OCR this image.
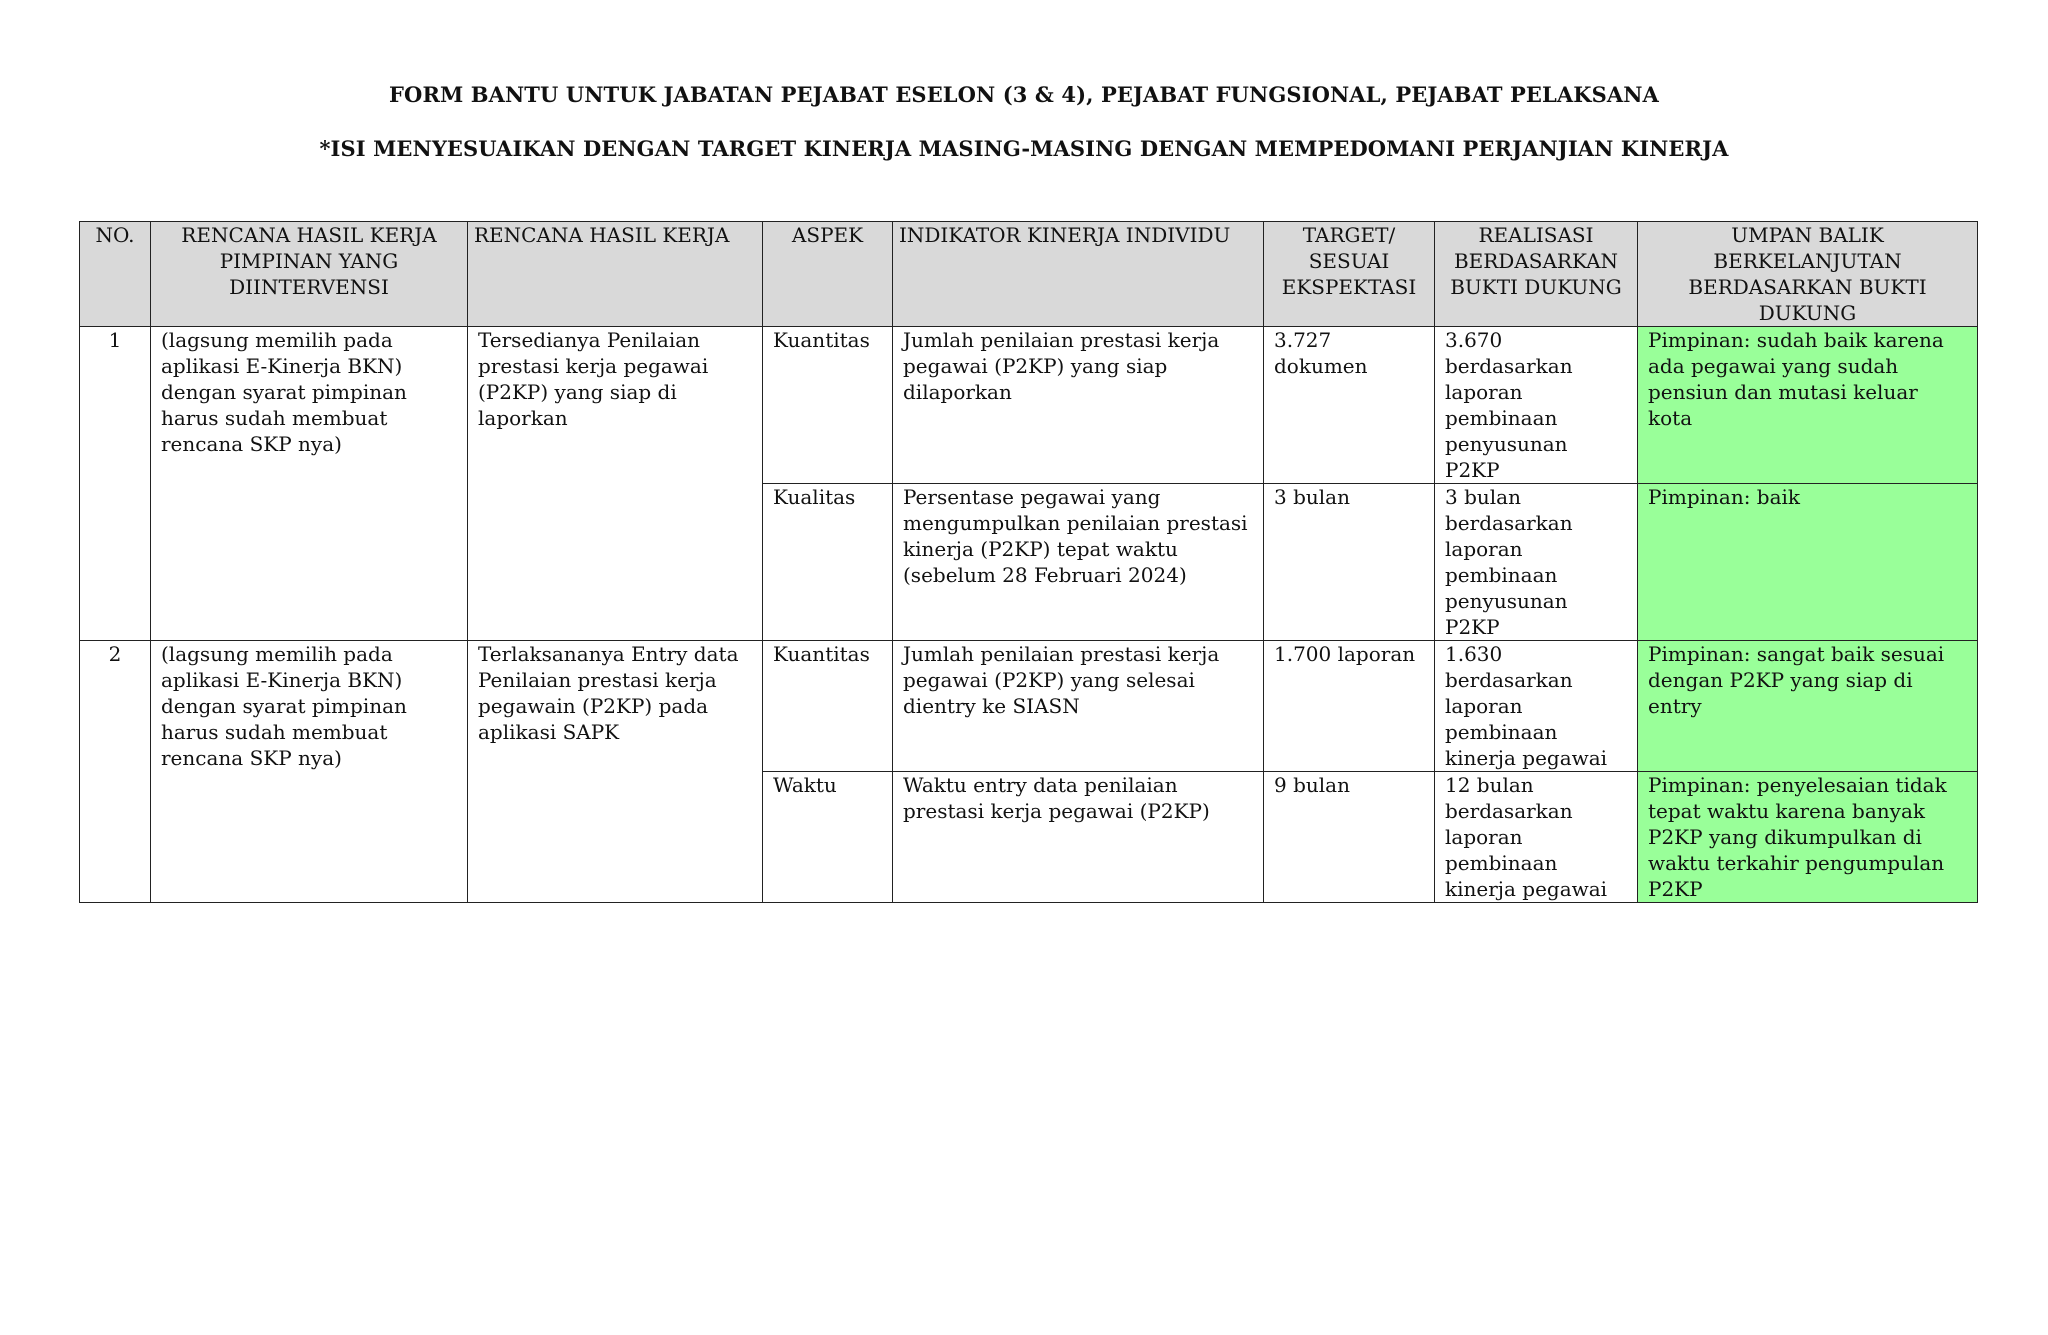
FORM BANTU UNTUK JABATAN PEJABAT ESELON (3 & 4), PEJABAT FUNGSIONAL, PEJABAT PELAKSANA
*ISI MENYESUAIKAN DENGAN TARGET KINERJA MASING-MASING DENGAN MEMPEDOMANI PERJANJIAN KINERJA
NO.	RENCANA HASIL KERJA PIMPINAN YANG DIINTERVENSI	RENCANA HASIL KERJA	ASPEK	INDIKATOR KINERJA INDIVIDU	TARGET/ SESUAI EKSPEKTASI	REALISASI BERDASARKAN BUKTI DUKUNG	UMPAN BALIK BERKELANJUTAN BERDASARKAN BUKTI DUKUNG
1	(lagsung memilih pada aplikasi E-Kinerja BKN) dengan syarat pimpinan harus sudah membuat rencana SKP nya)	Tersedianya Penilaian prestasi kerja pegawai (P2KP) yang siap di laporkan	Kuantitas	Jumlah penilaian prestasi kerja pegawai (P2KP) yang siap dilaporkan	3.727 dokumen	3.670 berdasarkan laporan pembinaan penyusunan P2KP	Pimpinan: sudah baik karena ada pegawai yang sudah pensiun dan mutasi keluar kota
			Kualitas	Persentase pegawai yang mengumpulkan penilaian prestasi kinerja (P2KP) tepat waktu (sebelum 28 Februari 2024)	3 bulan	3 bulan berdasarkan laporan pembinaan penyusunan P2KP	Pimpinan: baik
2	(lagsung memilih pada aplikasi E-Kinerja BKN) dengan syarat pimpinan harus sudah membuat rencana SKP nya)	Terlaksananya Entry data Penilaian prestasi kerja pegawain (P2KP) pada aplikasi SAPK	Kuantitas	Jumlah penilaian prestasi kerja pegawai (P2KP) yang selesai dientry ke SIASN	1.700 laporan	1.630 berdasarkan laporan pembinaan kinerja pegawai	Pimpinan: sangat baik sesuai dengan P2KP yang siap di entry
			Waktu	Waktu entry data penilaian prestasi kerja pegawai (P2KP)	9 bulan	12 bulan berdasarkan laporan pembinaan kinerja pegawai	Pimpinan: penyelesaian tidak tepat waktu karena banyak P2KP yang dikumpulkan di waktu terkahir pengumpulan P2KP
